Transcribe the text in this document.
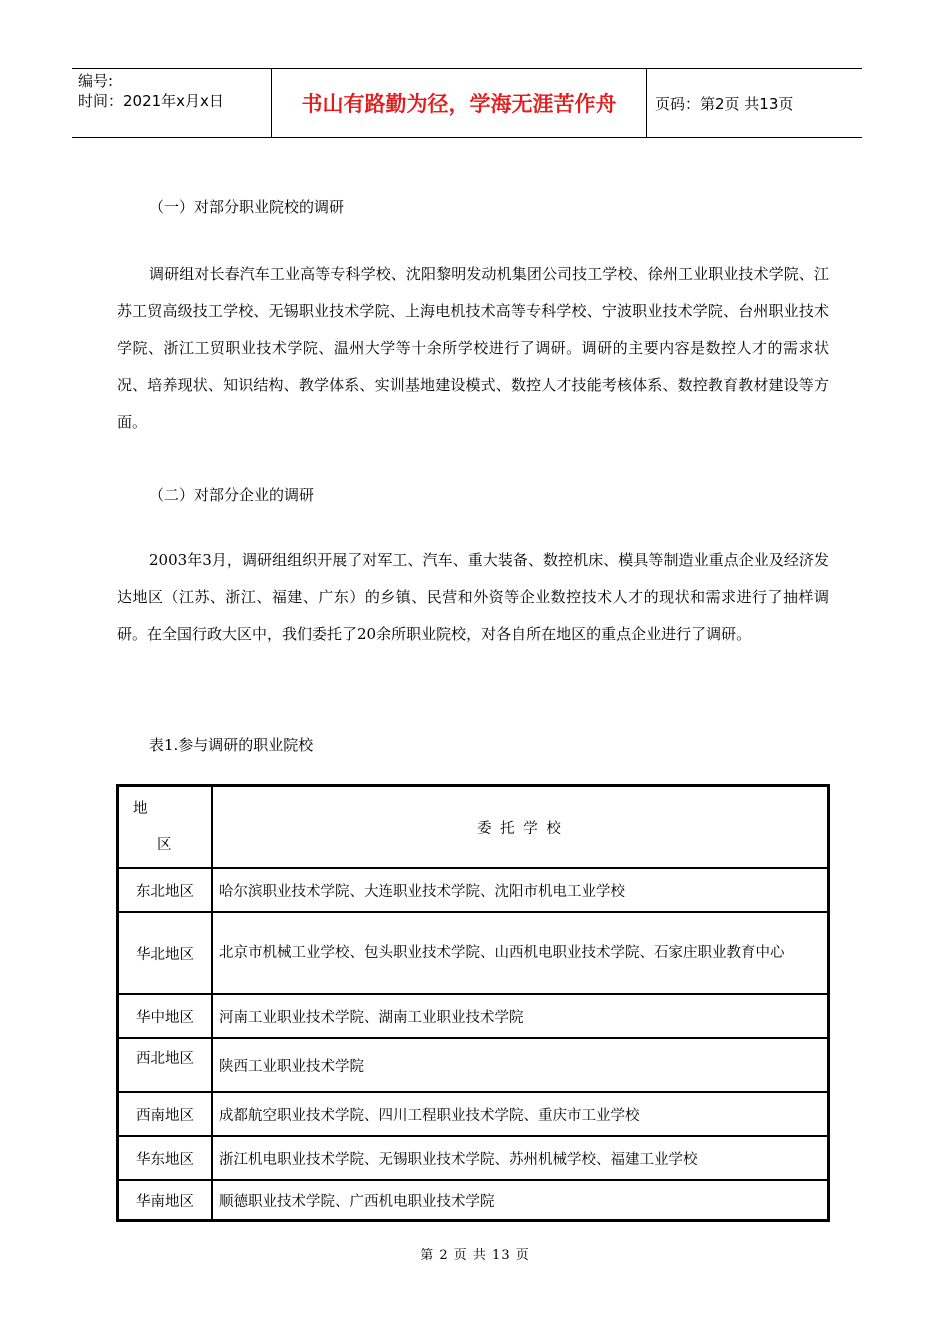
编号:
时间：2021年x月x日	书山有路勤为径，学海无涯苦作舟	页码：第2页 共13页
（一）对部分职业院校的调研
调研组对长春汽车工业高等专科学校、沈阳黎明发动机集团公司技工学校、徐州工业职业技术学院、江苏工贸高级技工学校、无锡职业技术学院、上海电机技术高等专科学校、宁波职业技术学院、台州职业技术学院、浙江工贸职业技术学院、温州大学等十余所学校进行了调研。调研的主要内容是数控人才的需求状况、培养现状、知识结构、教学体系、实训基地建设模式、数控人才技能考核体系、数控教育教材建设等方面。
（二）对部分企业的调研
2003年3月，调研组组织开展了对军工、汽车、重大装备、数控机床、模具等制造业重点企业及经济发达地区（江苏、浙江、福建、广东）的乡镇、民营和外资等企业数控技术人才的现状和需求进行了抽样调研。在全国行政大区中，我们委托了20余所职业院校，对各自所在地区的重点企业进行了调研。
表1.参与调研的职业院校
地
区	委 托 学 校
东北地区	哈尔滨职业技术学院、大连职业技术学院、沈阳市机电工业学校
华北地区	北京市机械工业学校、包头职业技术学院、山西机电职业技术学院、石家庄职业教育中心
华中地区	河南工业职业技术学院、湖南工业职业技术学院
西北地区	陕西工业职业技术学院
西南地区	成都航空职业技术学院、四川工程职业技术学院、重庆市工业学校
华东地区	浙江机电职业技术学院、无锡职业技术学院、苏州机械学校、福建工业学校
华南地区	顺德职业技术学院、广西机电职业技术学院
第 2 页 共 13 页
